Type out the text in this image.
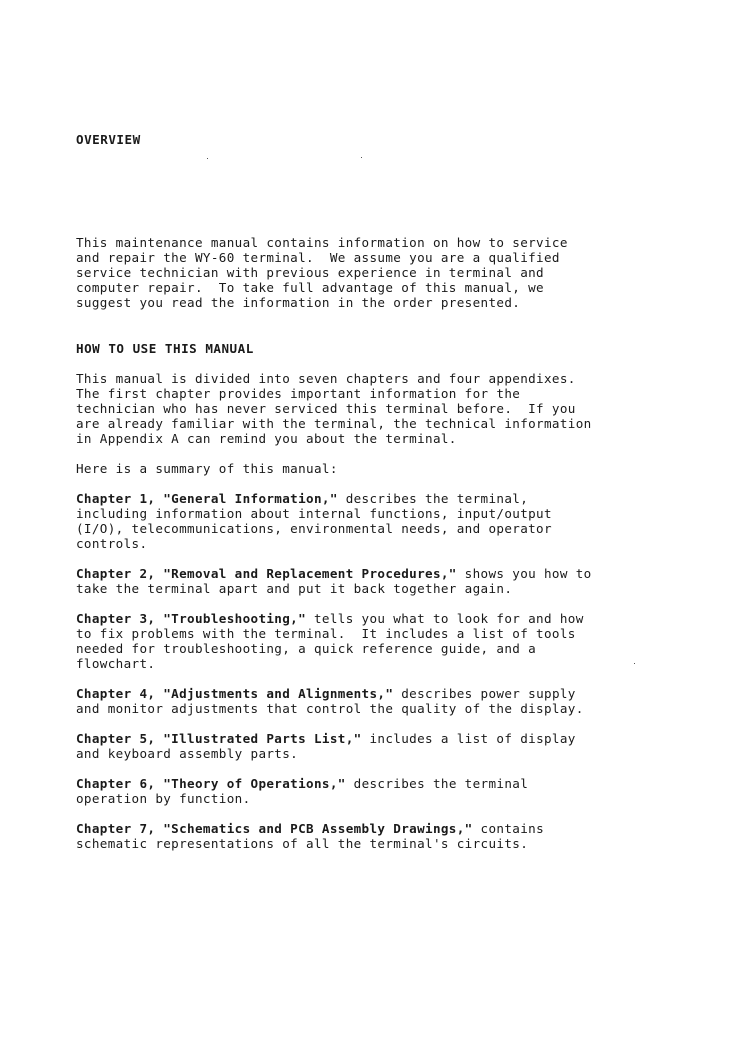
OVERVIEW
This maintenance manual contains information on how to service
and repair the WY-60 terminal.  We assume you are a qualified
service technician with previous experience in terminal and
computer repair.  To take full advantage of this manual, we
suggest you read the information in the order presented.
HOW TO USE THIS MANUAL
This manual is divided into seven chapters and four appendixes.
The first chapter provides important information for the
technician who has never serviced this terminal before.  If you
are already familiar with the terminal, the technical information
in Appendix A can remind you about the terminal.
Here is a summary of this manual:
Chapter 1, "General Information," describes the terminal,
including information about internal functions, input/output
(I/O), telecommunications, environmental needs, and operator
controls.
Chapter 2, "Removal and Replacement Procedures," shows you how to
take the terminal apart and put it back together again.
Chapter 3, "Troubleshooting," tells you what to look for and how
to fix problems with the terminal.  It includes a list of tools
needed for troubleshooting, a quick reference guide, and a
flowchart.
Chapter 4, "Adjustments and Alignments," describes power supply
and monitor adjustments that control the quality of the display.
Chapter 5, "Illustrated Parts List," includes a list of display
and keyboard assembly parts.
Chapter 6, "Theory of Operations," describes the terminal
operation by function.
Chapter 7, "Schematics and PCB Assembly Drawings," contains
schematic representations of all the terminal's circuits.
